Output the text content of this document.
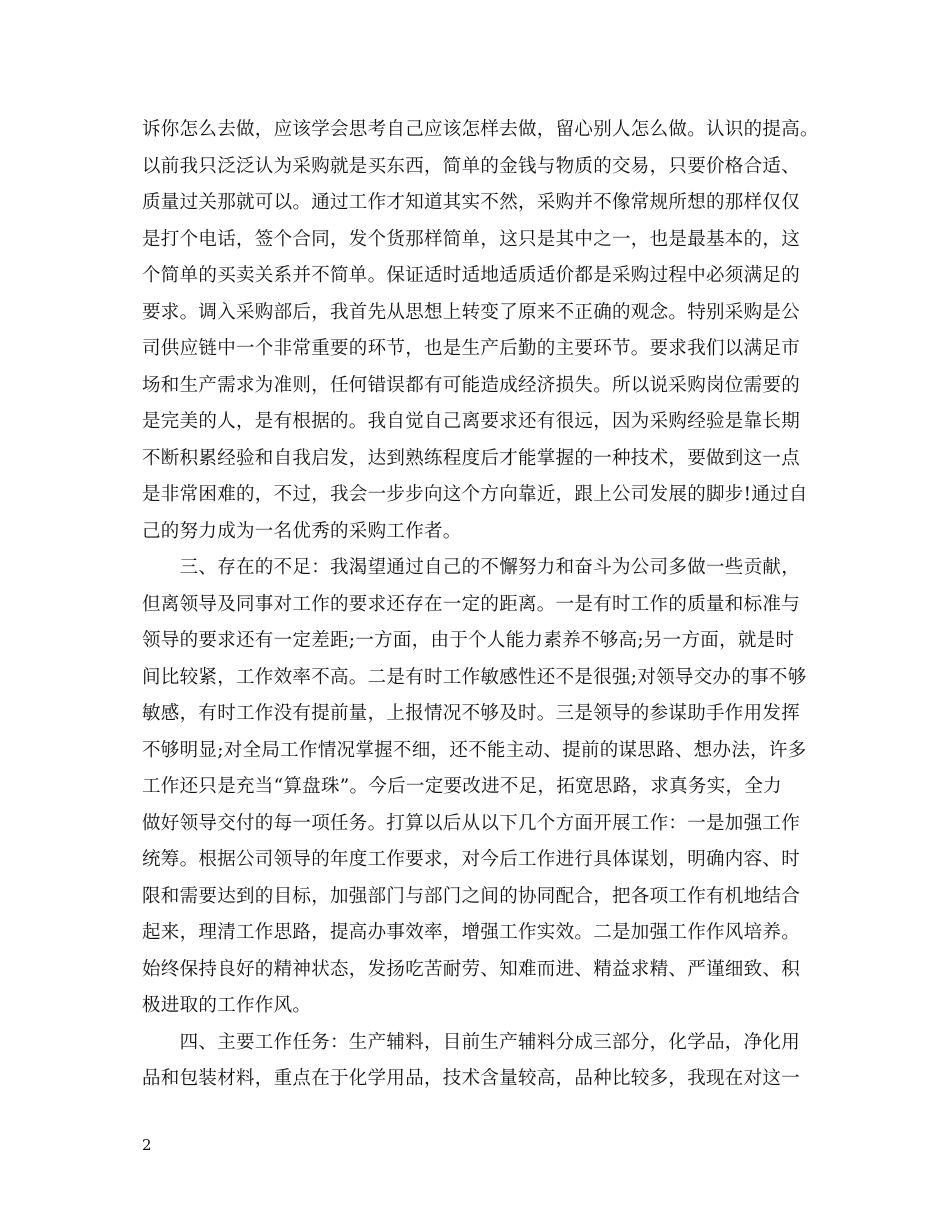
诉你怎么去做，应该学会思考自己应该怎样去做，留心别人怎么做。认识的提高。
以前我只泛泛认为采购就是买东西，简单的金钱与物质的交易，只要价格合适、
质量过关那就可以。通过工作才知道其实不然，采购并不像常规所想的那样仅仅
是打个电话，签个合同，发个货那样简单，这只是其中之一，也是最基本的，这
个简单的买卖关系并不简单。保证适时适地适质适价都是采购过程中必须满足的
要求。调入采购部后，我首先从思想上转变了原来不正确的观念。特别采购是公
司供应链中一个非常重要的环节，也是生产后勤的主要环节。要求我们以满足市
场和生产需求为准则，任何错误都有可能造成经济损失。所以说采购岗位需要的
是完美的人，是有根据的。我自觉自己离要求还有很远，因为采购经验是靠长期
不断积累经验和自我启发，达到熟练程度后才能掌握的一种技术，要做到这一点
是非常困难的，不过，我会一步步向这个方向靠近，跟上公司发展的脚步!通过自
己的努力成为一名优秀的采购工作者。
　　三、存在的不足：我渴望通过自己的不懈努力和奋斗为公司多做一些贡献，
但离领导及同事对工作的要求还存在一定的距离。一是有时工作的质量和标准与
领导的要求还有一定差距;一方面，由于个人能力素养不够高;另一方面，就是时
间比较紧，工作效率不高。二是有时工作敏感性还不是很强;对领导交办的事不够
敏感，有时工作没有提前量，上报情况不够及时。三是领导的参谋助手作用发挥
不够明显;对全局工作情况掌握不细，还不能主动、提前的谋思路、想办法，许多
工作还只是充当“算盘珠”。今后一定要改进不足，拓宽思路，求真务实，全力
做好领导交付的每一项任务。打算以后从以下几个方面开展工作：一是加强工作
统筹。根据公司领导的年度工作要求，对今后工作进行具体谋划，明确内容、时
限和需要达到的目标，加强部门与部门之间的协同配合，把各项工作有机地结合
起来，理清工作思路，提高办事效率，增强工作实效。二是加强工作作风培养。
始终保持良好的精神状态，发扬吃苦耐劳、知难而进、精益求精、严谨细致、积
极进取的工作作风。
　　四、主要工作任务：生产辅料，目前生产辅料分成三部分，化学品，净化用
品和包装材料，重点在于化学用品，技术含量较高，品种比较多，我现在对这一
2
